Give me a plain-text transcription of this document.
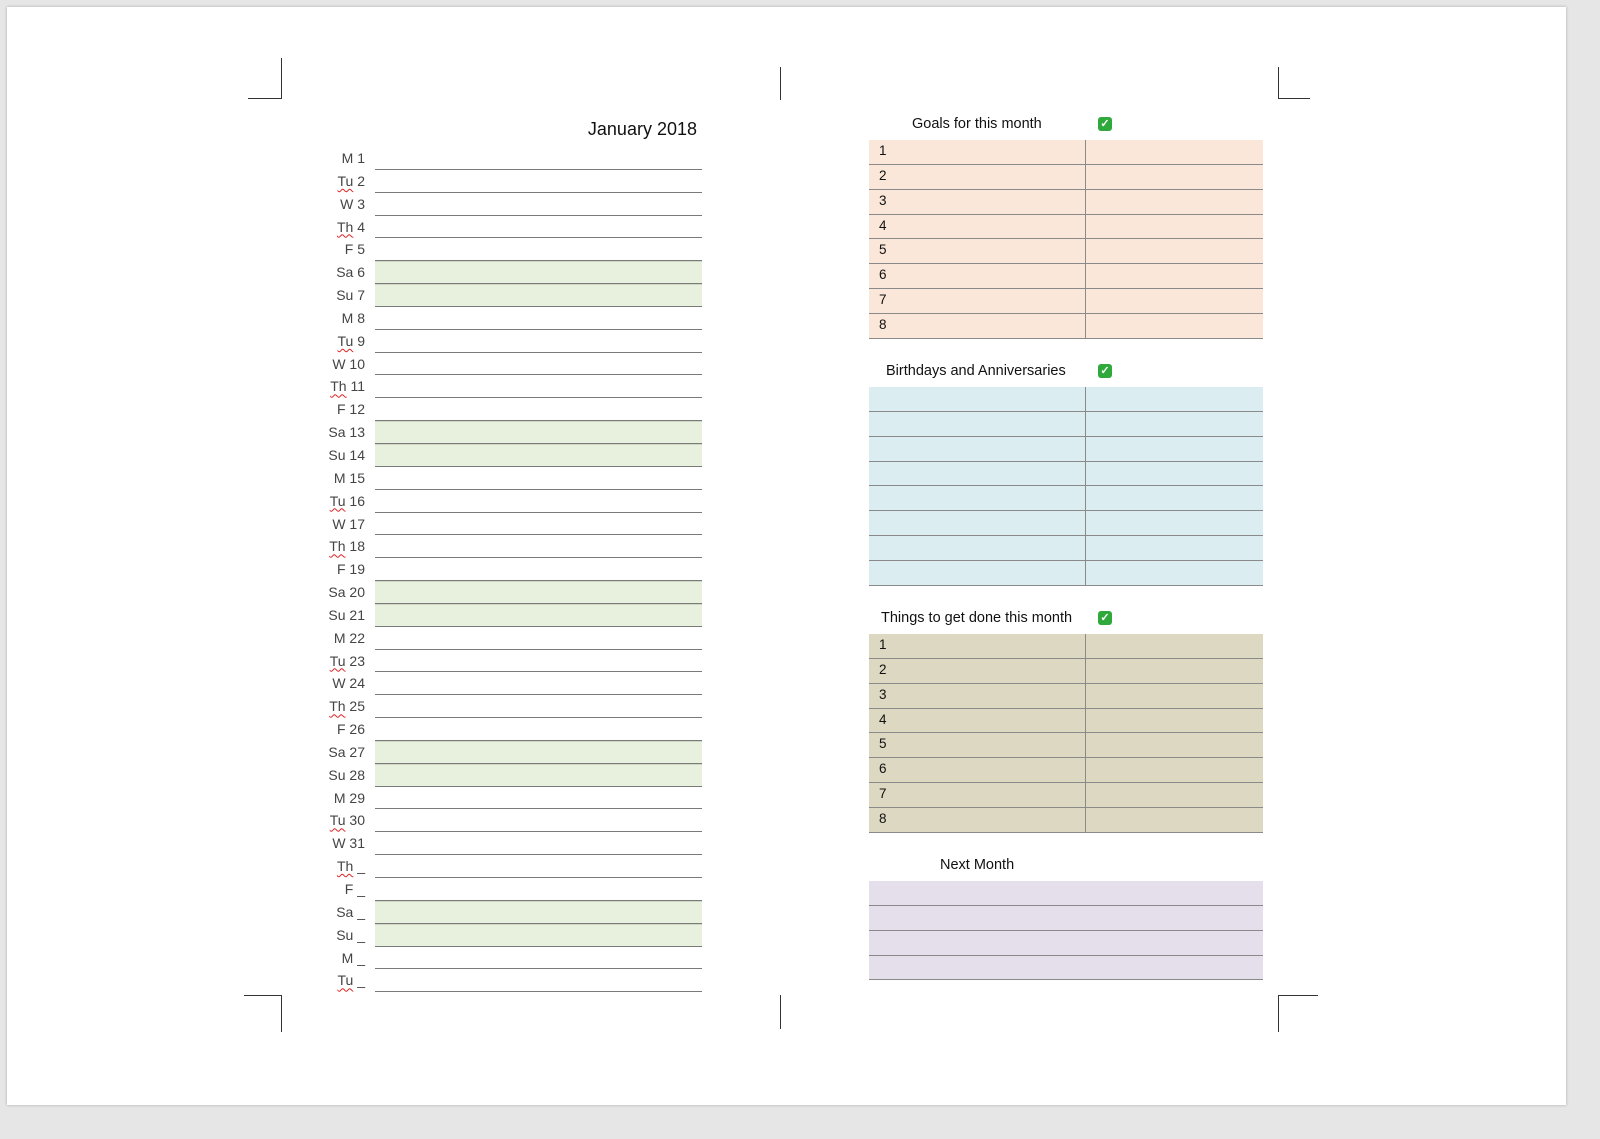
January 2018
M 1
Tu 2
W 3
Th 4
F 5
Sa 6
Su 7
M 8
Tu 9
W 10
Th 11
F 12
Sa 13
Su 14
M 15
Tu 16
W 17
Th 18
F 19
Sa 20
Su 21
M 22
Tu 23
W 24
Th 25
F 26
Sa 27
Su 28
M 29
Tu 30
W 31
Th _
F _
Sa _
Su _
M _
Tu _
Goals for this month	✓
1
2
3
4
5
6
7
8
Birthdays and Anniversaries	✓
Things to get done this month	✓
1
2
3
4
5
6
7
8
Next Month
